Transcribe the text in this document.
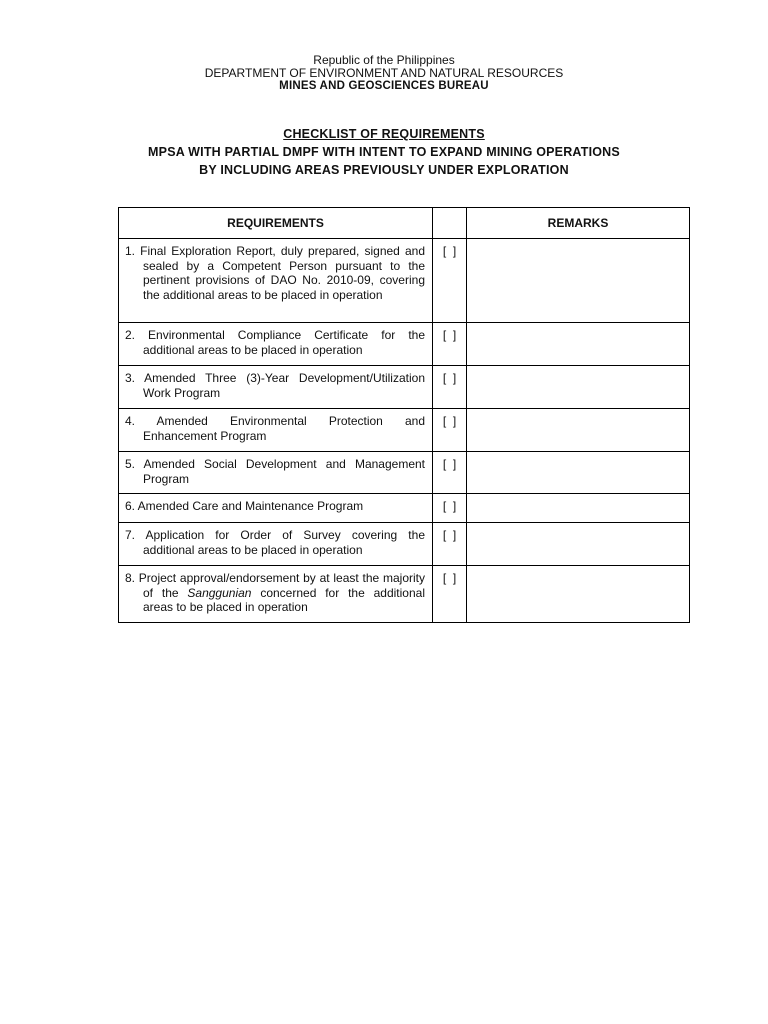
Republic of the Philippines
DEPARTMENT OF ENVIRONMENT AND NATURAL RESOURCES
MINES AND GEOSCIENCES BUREAU
CHECKLIST OF REQUIREMENTS
MPSA WITH PARTIAL DMPF WITH INTENT TO EXPAND MINING OPERATIONS
BY INCLUDING AREAS PREVIOUSLY UNDER EXPLORATION
REQUIREMENTS		REMARKS

1. Final Exploration Report, duly prepared, signed and sealed by a Competent Person pursuant to the pertinent provisions of DAO No. 2010-09, covering the additional areas to be placed in operation	[  ]	

2. Environmental Compliance Certificate for the additional areas to be placed in operation	[  ]	

3. Amended Three (3)-Year Development/Utilization Work Program	[  ]	

4. Amended Environmental Protection and Enhancement Program	[  ]	

5. Amended Social Development and Management Program	[  ]	

6. Amended Care and Maintenance Program	[  ]	

7. Application for Order of Survey covering the additional areas to be placed in operation	[  ]	

8. Project approval/endorsement by at least the majority of the Sanggunian concerned for the additional areas to be placed in operation	[  ]	
